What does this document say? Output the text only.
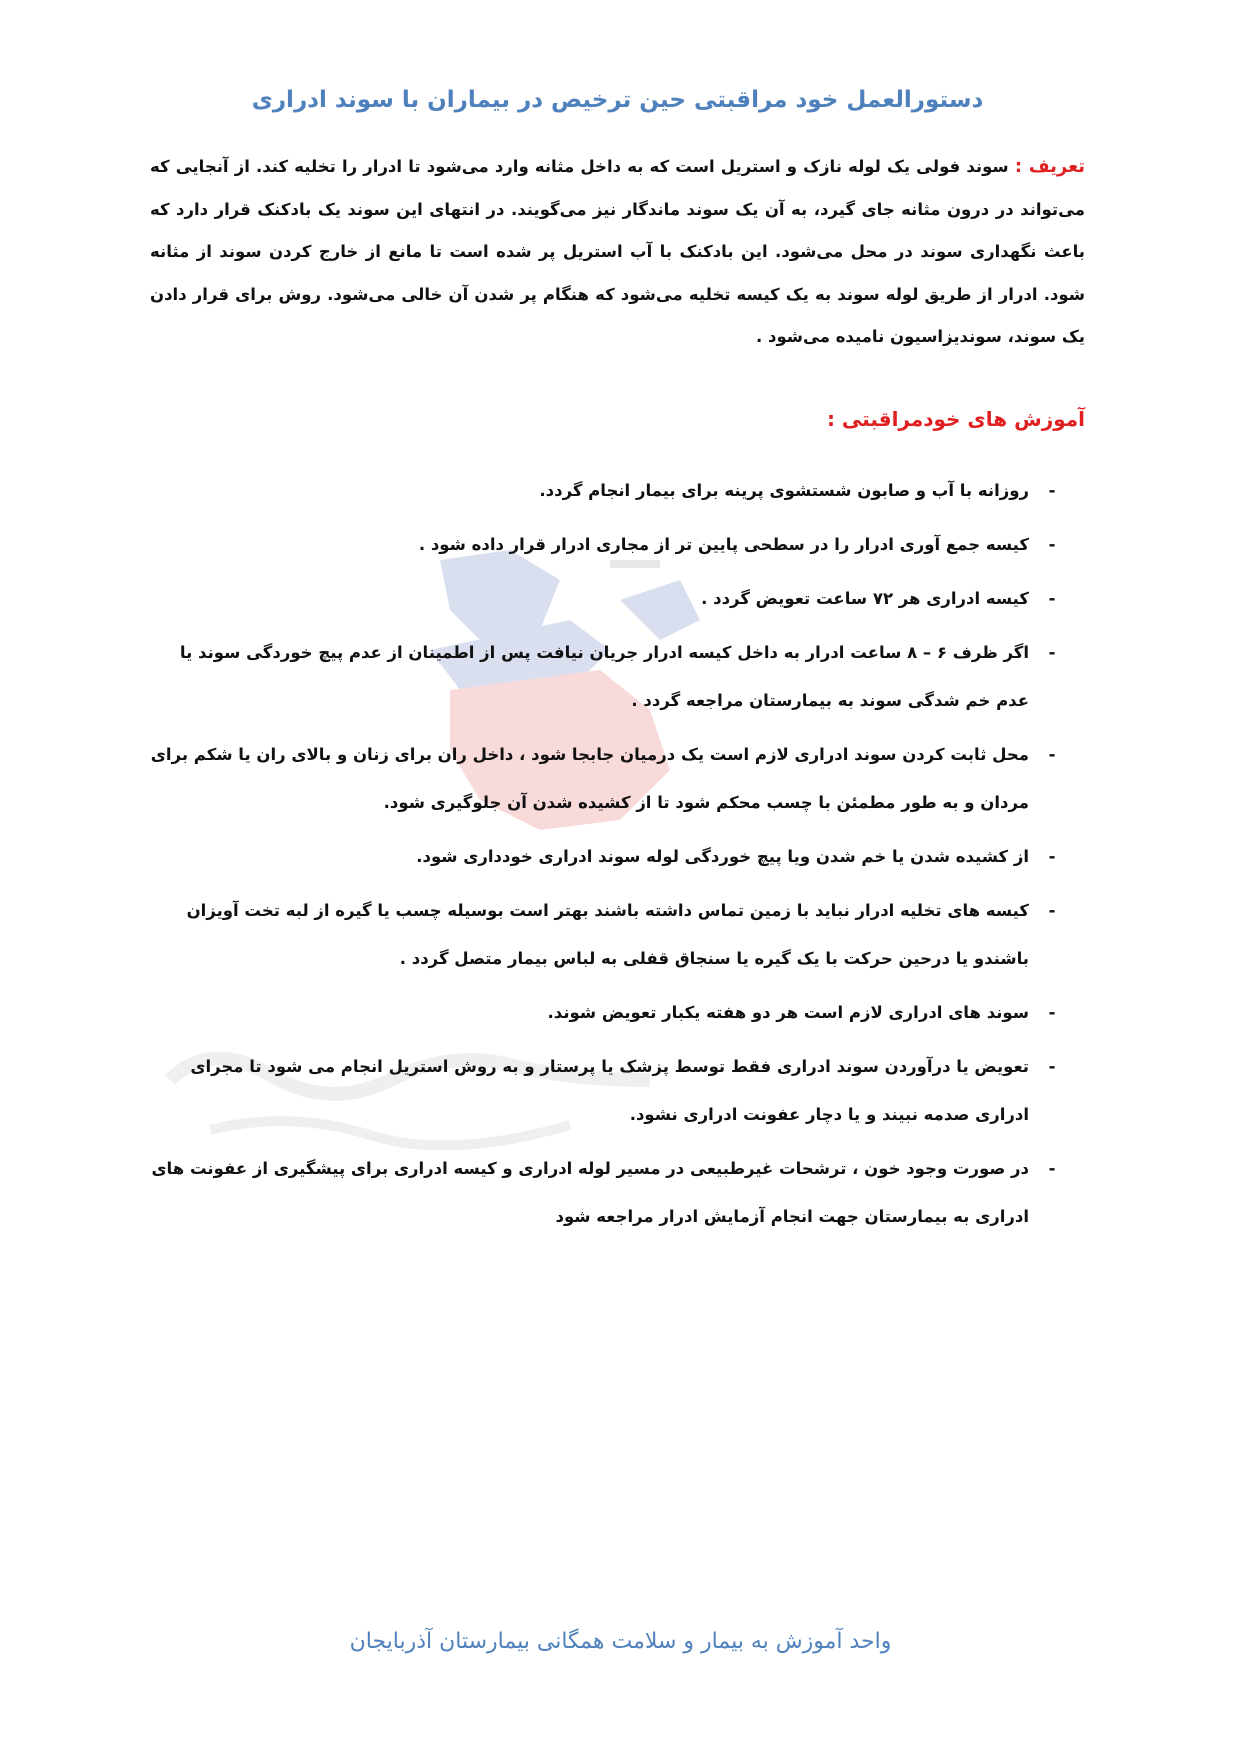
دستورالعمل خود مراقبتی حین ترخیص در بیماران با سوند ادراری

تعریف : سوند فولی یک لوله نازک و استریل است که به داخل مثانه وارد می‌شود تا ادرار را تخلیه کند. از آنجایی که می‌تواند در درون مثانه جای گیرد، به آن یک سوند ماندگار نیز می‌گویند. در انتهای این سوند یک بادکنک قرار دارد که باعث نگهداری سوند در محل می‌شود. این بادکنک با آب استریل پر شده است تا مانع از خارج کردن سوند از مثانه شود. ادرار از طریق لوله سوند به یک کیسه تخلیه می‌شود که هنگام پر شدن آن خالی می‌شود. روش برای قرار دادن یک سوند، سوندیزاسیون نامیده می‌شود .

آموزش های خودمراقبتی :
-
روزانه با آب و صابون شستشوی پرینه برای بیمار انجام گردد.
-
کیسه جمع آوری ادرار را در سطحی پایین تر از مجاری ادرار قرار داده شود .
-
کیسه ادراری هر ۷۲ ساعت تعویض گردد .
-
اگر ظرف ۶ – ۸ ساعت ادرار به داخل کیسه ادرار جریان نیافت پس از اطمینان از عدم پیچ خوردگی سوند یا عدم خم شدگی سوند به بیمارستان مراجعه گردد .
-
محل ثابت کردن سوند ادراری لازم است یک درمیان جابجا شود ، داخل ران برای زنان و بالای ران یا شکم برای مردان و به طور مطمئن با چسب محکم شود تا از کشیده شدن آن جلوگیری شود.
-
از کشیده شدن یا خم شدن ویا پیچ خوردگی لوله سوند ادراری خودداری شود.
-
کیسه های تخلیه ادرار نباید با زمین تماس داشته باشند بهتر است بوسیله چسب یا گیره از لبه تخت آویزان باشندو یا درحین حرکت با یک گیره یا سنجاق قفلی به لباس بیمار متصل گردد .
-
سوند های ادراری لازم است هر دو هفته یکبار تعویض شوند.
-
تعویض یا درآوردن سوند ادراری فقط توسط پزشک یا پرستار و به روش استریل انجام می شود تا مجرای ادراری صدمه نبیند و یا دچار عفونت ادراری نشود.
-
در صورت وجود خون ، ترشحات غیرطبیعی در مسیر لوله ادراری و کیسه ادراری برای پیشگیری از عفونت های ادراری به بیمارستان جهت انجام آزمایش ادرار مراجعه شود
واحد آموزش به بیمار و سلامت همگانی بیمارستان آذربایجان
